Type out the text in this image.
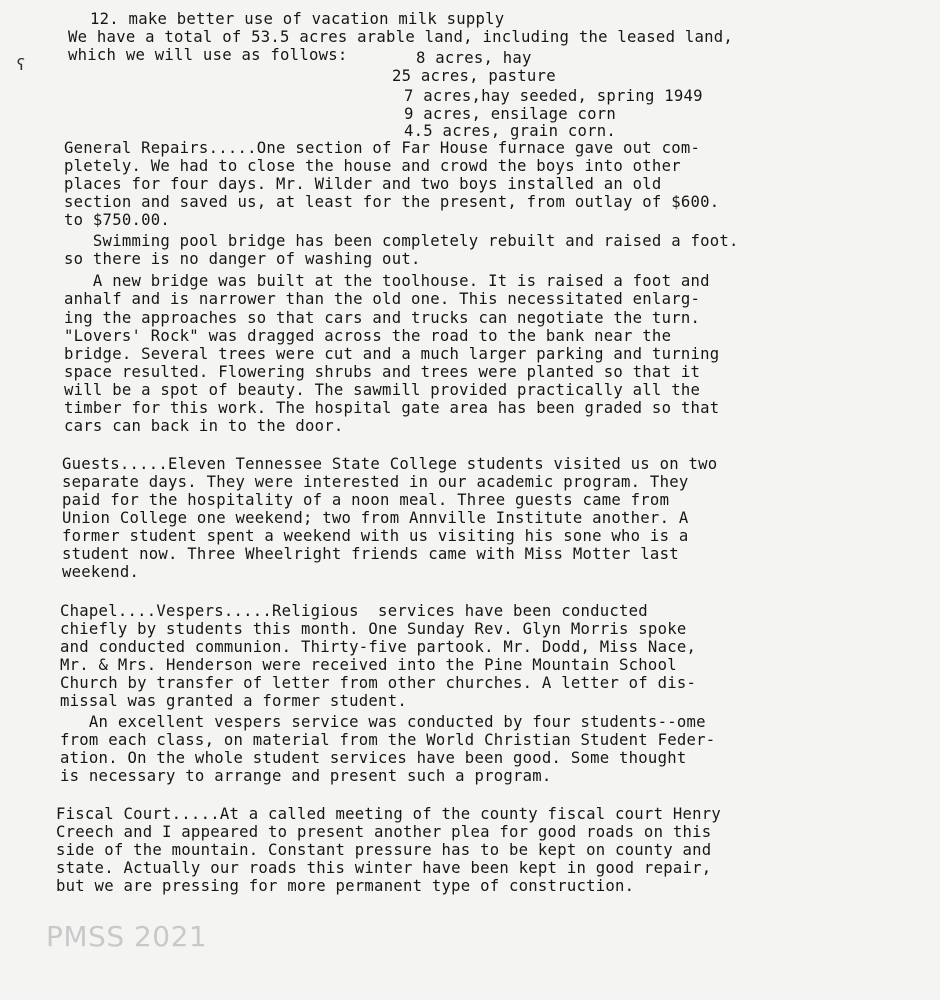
ʕ
12. make better use of vacation milk supply
We have a total of 53.5 acres arable land, including the leased land,
which we will use as follows:	8 acres, hay
25 acres, pasture
7 acres,hay seeded, spring 1949
9 acres, ensilage corn
4.5 acres, grain corn.
General Repairs.....One section of Far House furnace gave out com-
pletely. We had to close the house and crowd the boys into other
places for four days. Mr. Wilder and two boys installed an old
section and saved us, at least for the present, from outlay of $600.
to $750.00.
Swimming pool bridge has been completely rebuilt and raised a foot.
so there is no danger of washing out.
A new bridge was built at the toolhouse. It is raised a foot and
anhalf and is narrower than the old one. This necessitated enlarg-
ing the approaches so that cars and trucks can negotiate the turn.
"Lovers' Rock" was dragged across the road to the bank near the
bridge. Several trees were cut and a much larger parking and turning
space resulted. Flowering shrubs and trees were planted so that it
will be a spot of beauty. The sawmill provided practically all the
timber for this work. The hospital gate area has been graded so that
cars can back in to the door.
Guests.....Eleven Tennessee State College students visited us on two
separate days. They were interested in our academic program. They
paid for the hospitality of a noon meal. Three guests came from
Union College one weekend; two from Annville Institute another. A
former student spent a weekend with us visiting his sone who is a
student now. Three Wheelright friends came with Miss Motter last
weekend.
Chapel....Vespers.....Religious  services have been conducted
chiefly by students this month. One Sunday Rev. Glyn Morris spoke
and conducted communion. Thirty-five partook. Mr. Dodd, Miss Nace,
Mr. & Mrs. Henderson were received into the Pine Mountain School
Church by transfer of letter from other churches. A letter of dis-
missal was granted a former student.
An excellent vespers service was conducted by four students--ome
from each class, on material from the World Christian Student Feder-
ation. On the whole student services have been good. Some thought
is necessary to arrange and present such a program.
Fiscal Court.....At a called meeting of the county fiscal court Henry
Creech and I appeared to present another plea for good roads on this
side of the mountain. Constant pressure has to be kept on county and
state. Actually our roads this winter have been kept in good repair,
but we are pressing for more permanent type of construction.
PMSS 2021
